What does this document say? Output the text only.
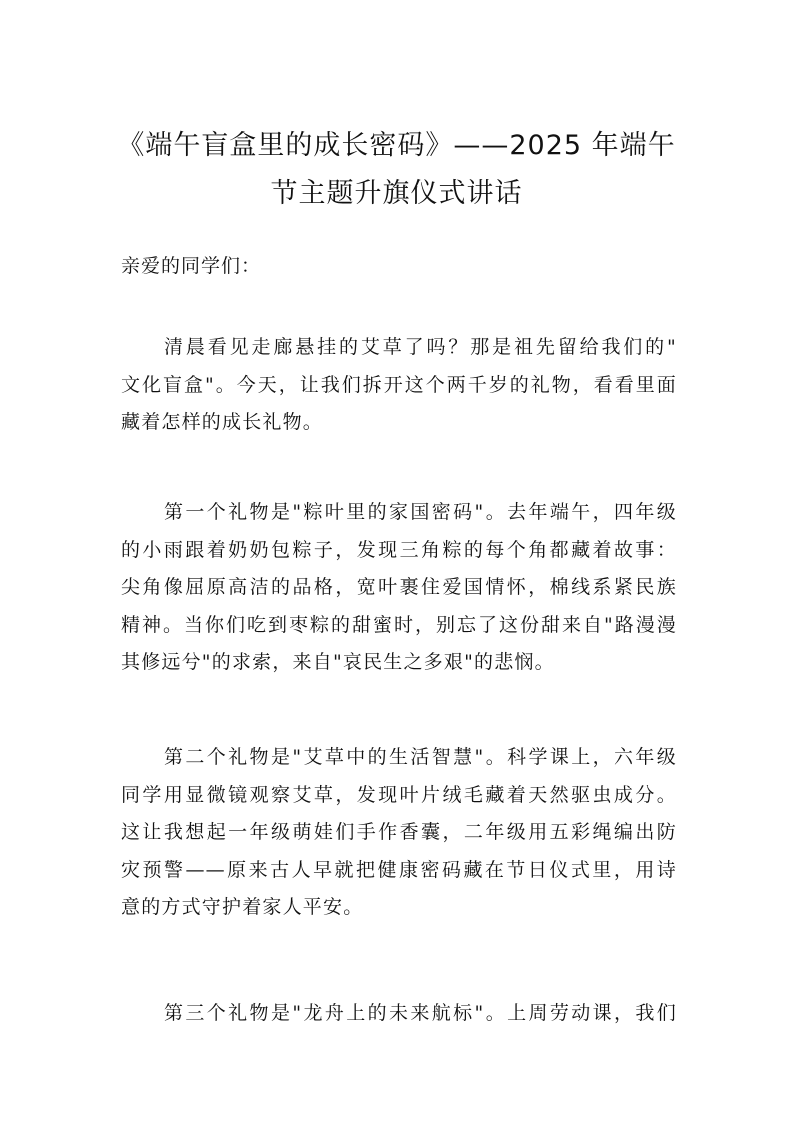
《端午盲盒里的成长密码》——2025 年端午
节主题升旗仪式讲话
亲爱的同学们：
清晨看见走廊悬挂的艾草了吗？那是祖先留给我们的"
文化盲盒"。今天，让我们拆开这个两千岁的礼物，看看里面
藏着怎样的成长礼物。
第一个礼物是"粽叶里的家国密码"。去年端午，四年级
的小雨跟着奶奶包粽子，发现三角粽的每个角都藏着故事：
尖角像屈原高洁的品格，宽叶裹住爱国情怀，棉线系紧民族
精神。当你们吃到枣粽的甜蜜时，别忘了这份甜来自"路漫漫
其修远兮"的求索，来自"哀民生之多艰"的悲悯。
第二个礼物是"艾草中的生活智慧"。科学课上，六年级
同学用显微镜观察艾草，发现叶片绒毛藏着天然驱虫成分。
这让我想起一年级萌娃们手作香囊，二年级用五彩绳编出防
灾预警——原来古人早就把健康密码藏在节日仪式里，用诗
意的方式守护着家人平安。
第三个礼物是"龙舟上的未来航标"。上周劳动课，我们
